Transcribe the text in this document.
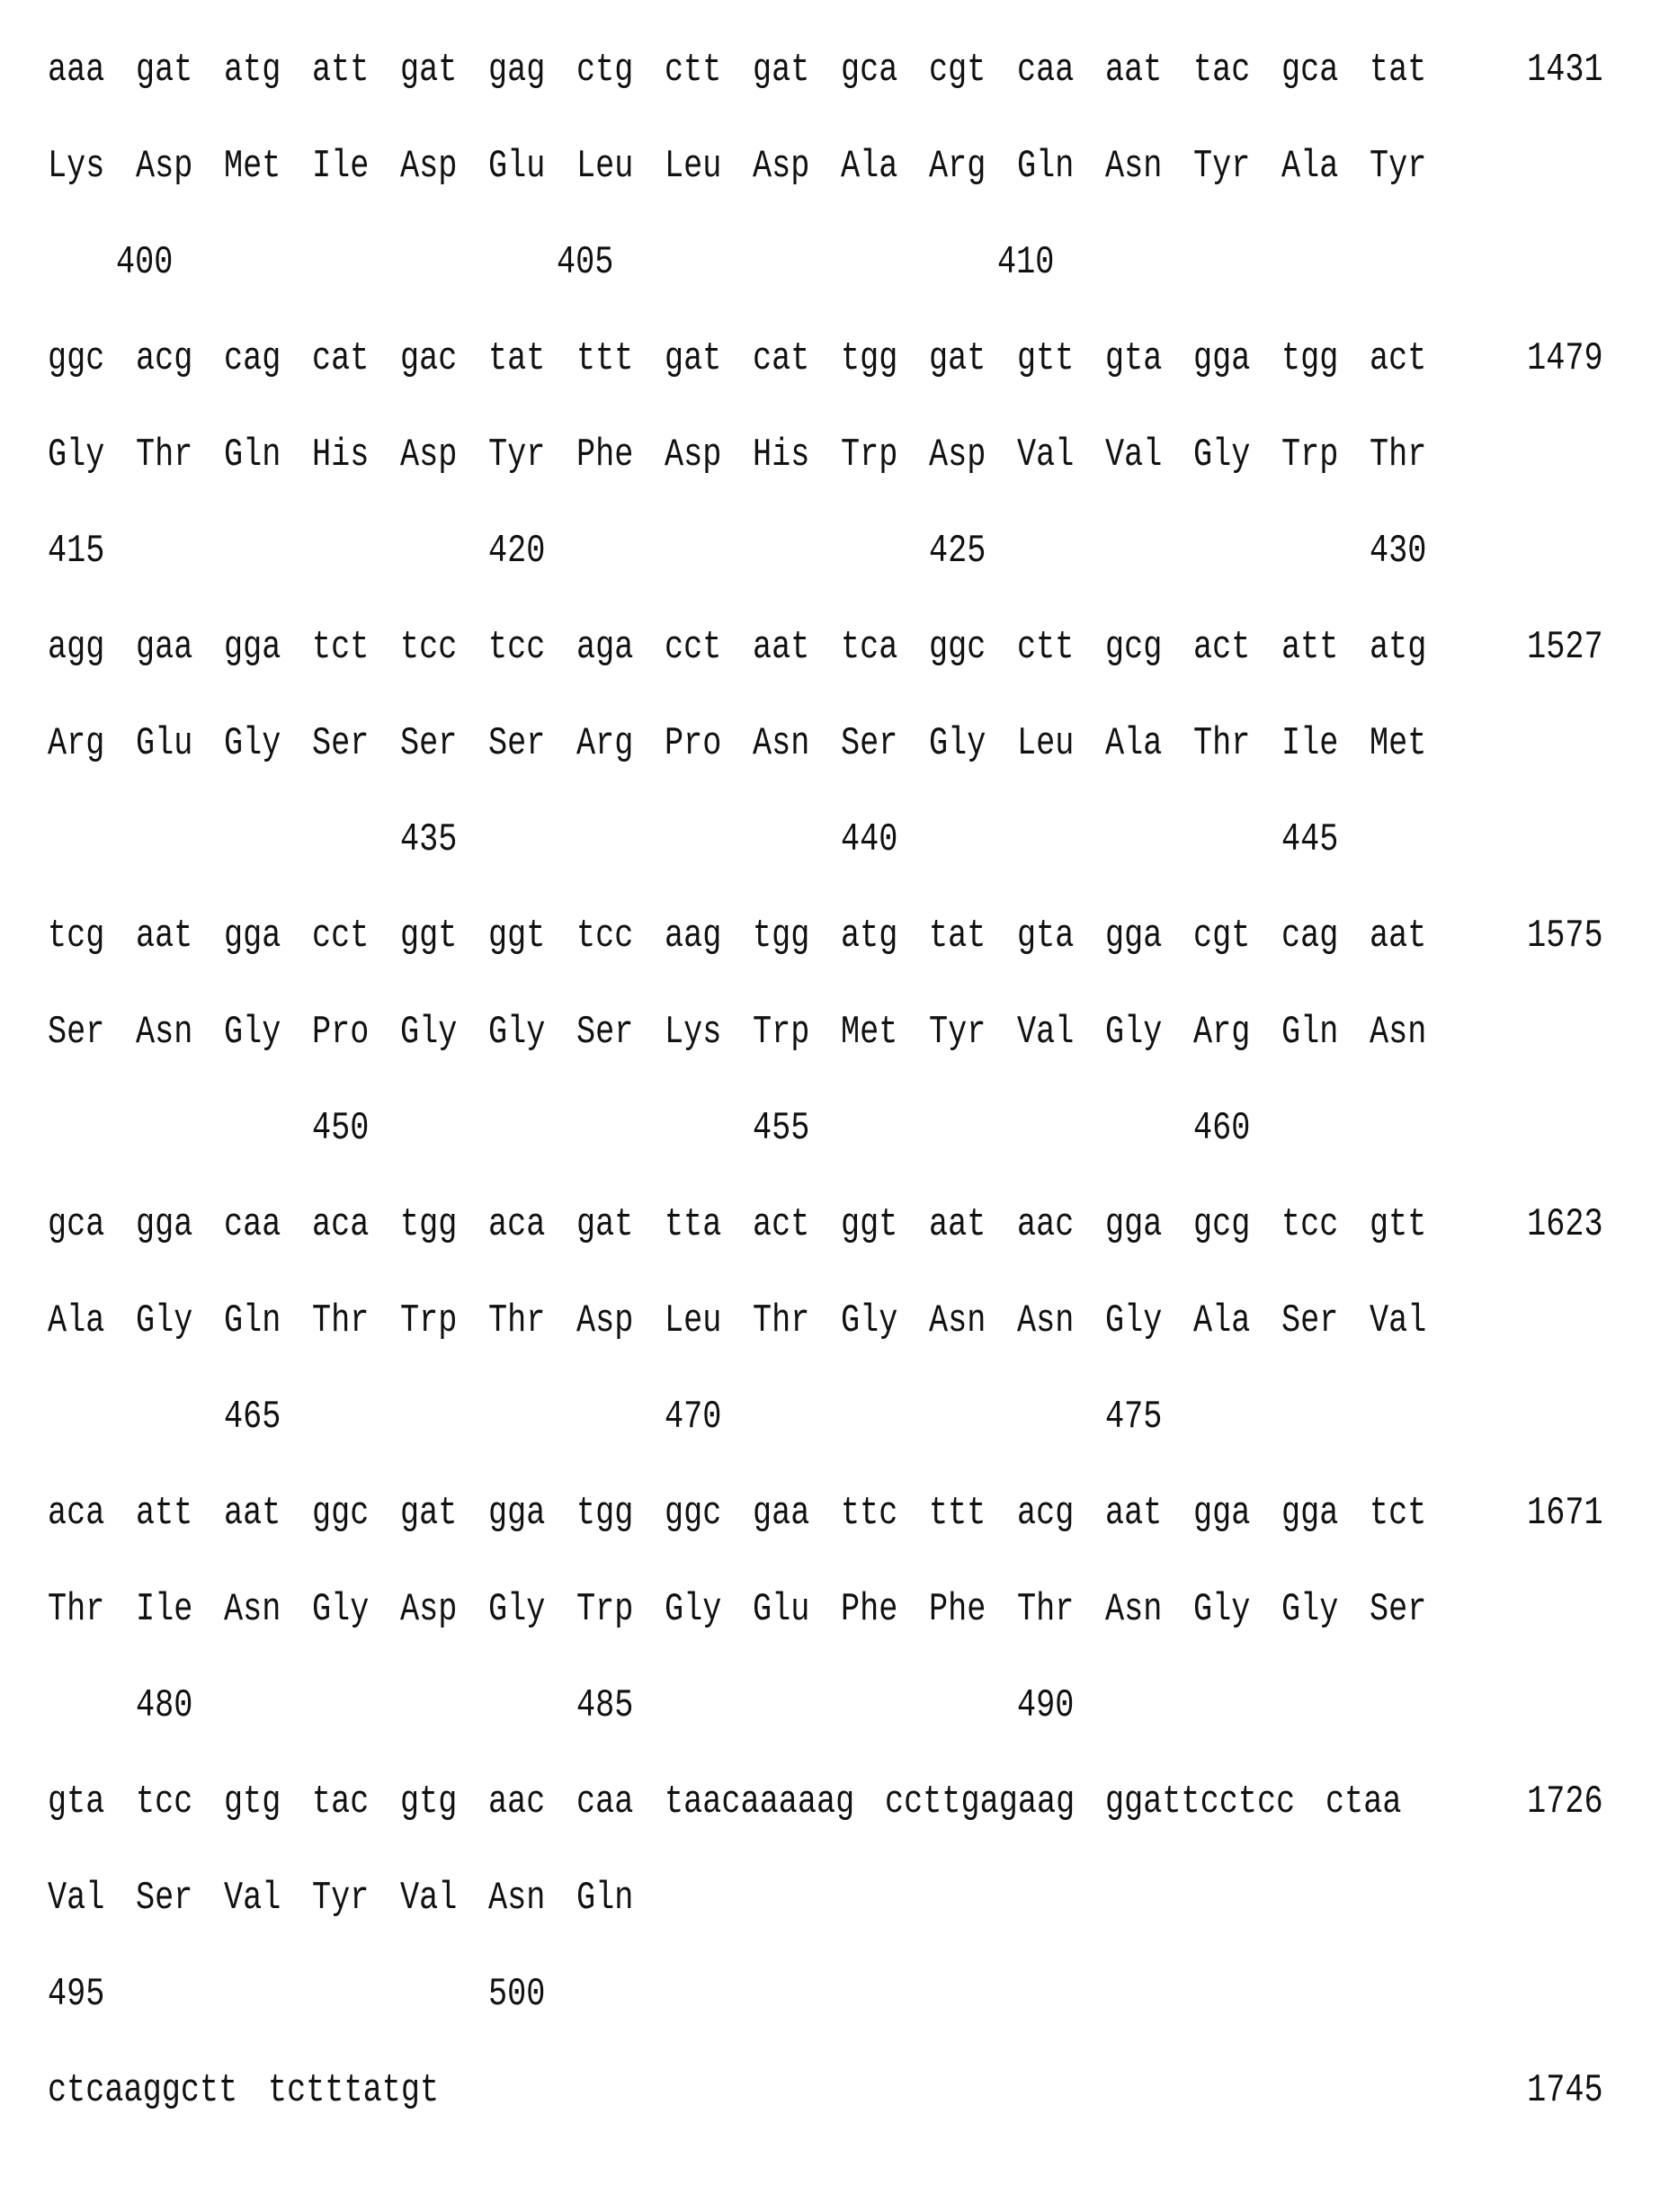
aaa gat atg att gat gag ctg ctt gat gca cgt caa aat tac gca tat	1431
Lys Asp Met Ile Asp Glu Leu Leu Asp Ala Arg Gln Asn Tyr Ala Tyr
400	405	410
ggc acg cag cat gac tat ttt gat cat tgg gat gtt gta gga tgg act	1479
Gly Thr Gln His Asp Tyr Phe Asp His Trp Asp Val Val Gly Trp Thr
415	420	425	430
agg gaa gga tct tcc tcc aga cct aat tca ggc ctt gcg act att atg	1527
Arg Glu Gly Ser Ser Ser Arg Pro Asn Ser Gly Leu Ala Thr Ile Met
435	440	445
tcg aat gga cct ggt ggt tcc aag tgg atg tat gta gga cgt cag aat	1575
Ser Asn Gly Pro Gly Gly Ser Lys Trp Met Tyr Val Gly Arg Gln Asn
450	455	460
gca gga caa aca tgg aca gat tta act ggt aat aac gga gcg tcc gtt	1623
Ala Gly Gln Thr Trp Thr Asp Leu Thr Gly Asn Asn Gly Ala Ser Val
465	470	475
aca att aat ggc gat gga tgg ggc gaa ttc ttt acg aat gga gga tct	1671
Thr Ile Asn Gly Asp Gly Trp Gly Glu Phe Phe Thr Asn Gly Gly Ser
480	485	490
gta tcc gtg tac gtg aac caa taacaaaaag ccttgagaag ggattcctcc ctaa	1726
Val Ser Val Tyr Val Asn Gln
495	500
ctcaaggctt tctttatgt	1745
